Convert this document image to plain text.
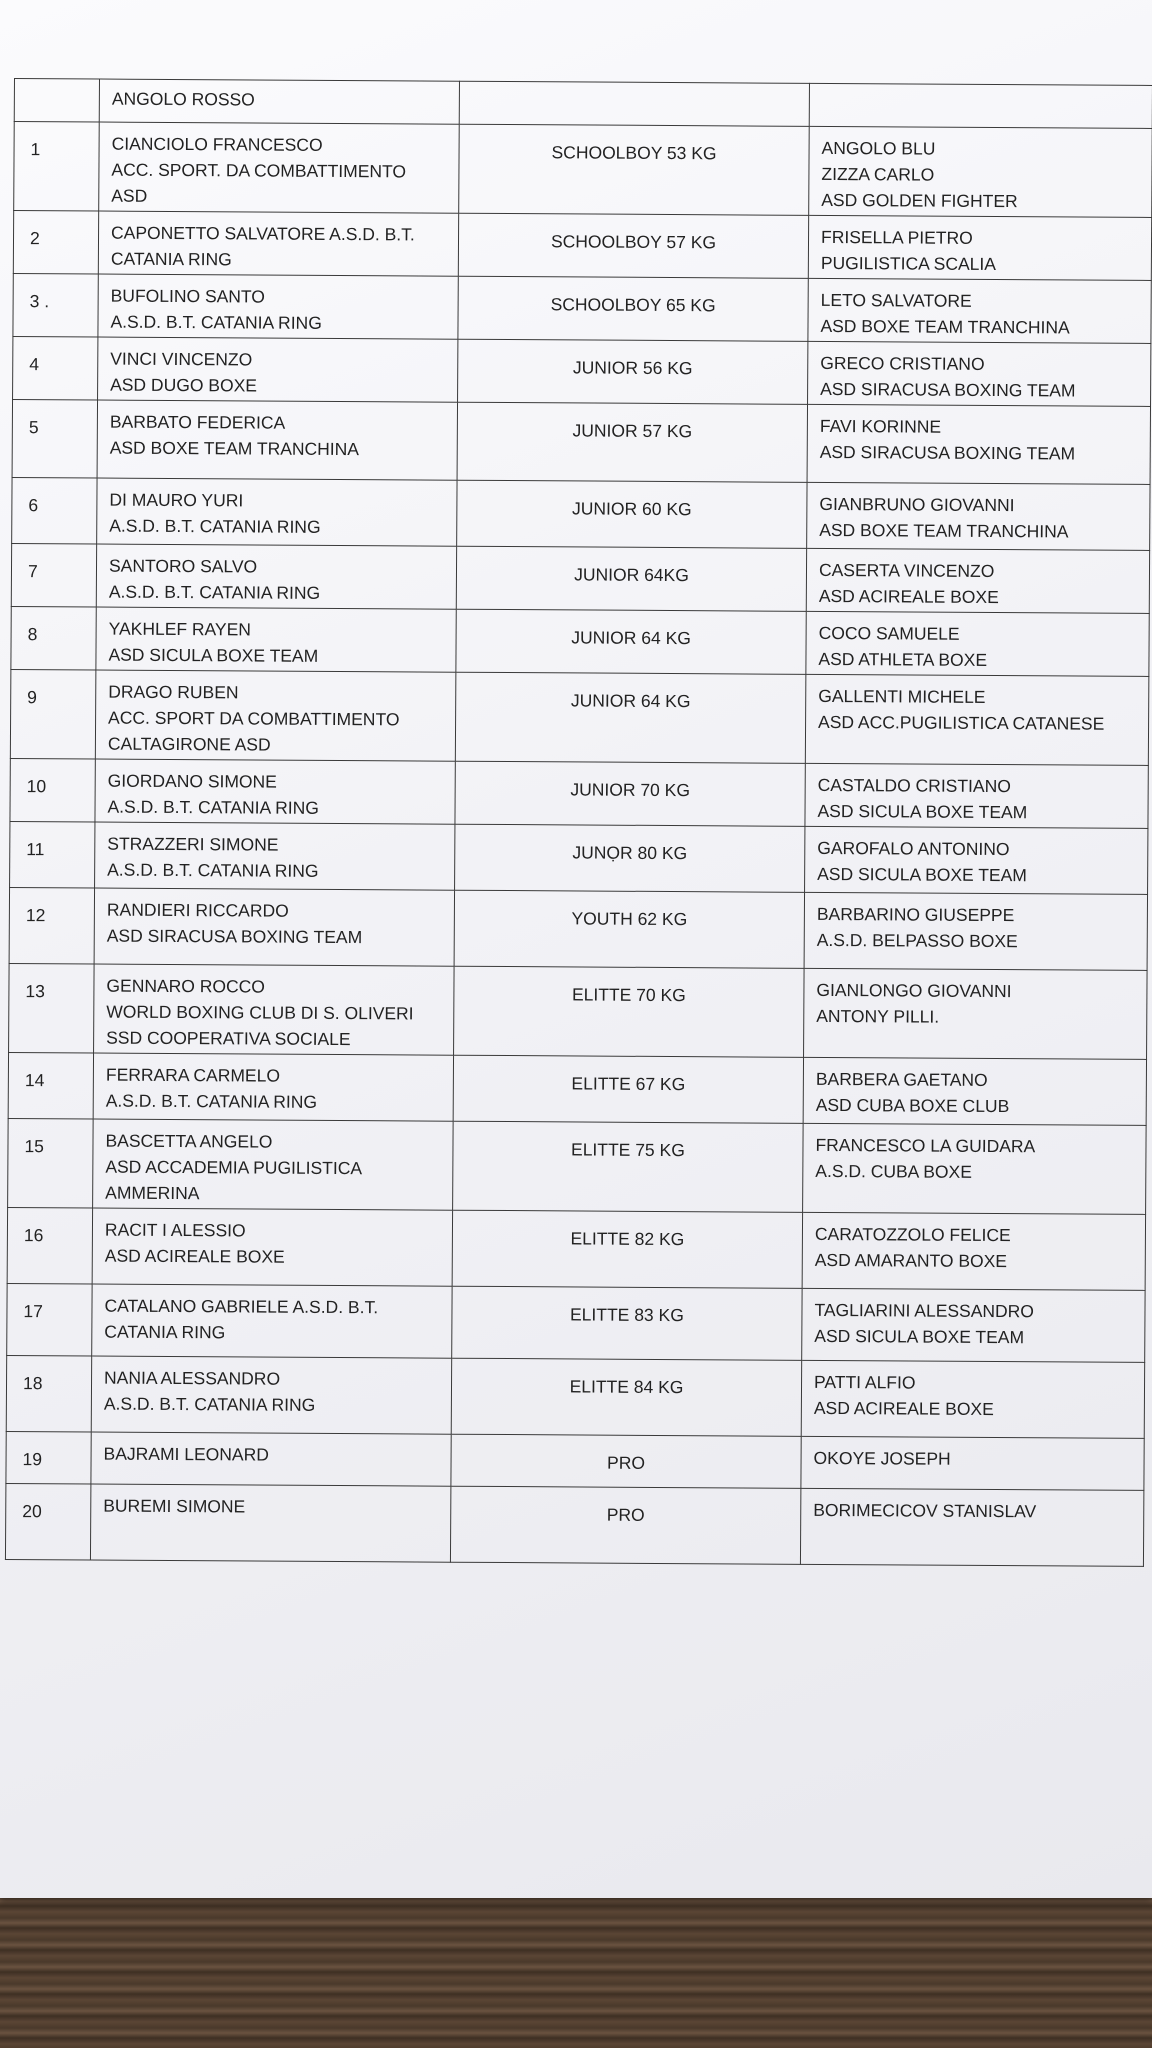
	ANGOLO ROSSO		
1	CIANCIOLO FRANCESCO
ACC. SPORT. DA COMBATTIMENTO
ASD	SCHOOLBOY 53 KG	ANGOLO BLU
ZIZZA CARLO
ASD GOLDEN FIGHTER

2	CAPONETTO SALVATORE A.S.D. B.T.
CATANIA RING	SCHOOLBOY 57 KG	FRISELLA PIETRO
PUGILISTICA SCALIA

3 .	BUFOLINO SANTO
A.S.D. B.T. CATANIA RING	SCHOOLBOY 65 KG	LETO SALVATORE
ASD BOXE TEAM TRANCHINA

4	VINCI VINCENZO
ASD DUGO BOXE	JUNIOR 56 KG	GRECO CRISTIANO
ASD SIRACUSA BOXING TEAM

5	BARBATO FEDERICA
ASD BOXE TEAM TRANCHINA	JUNIOR 57 KG	FAVI KORINNE
ASD SIRACUSA BOXING TEAM

6	DI MAURO YURI
A.S.D. B.T. CATANIA RING	JUNIOR 60 KG	GIANBRUNO GIOVANNI
ASD BOXE TEAM TRANCHINA

7	SANTORO SALVO
A.S.D. B.T. CATANIA RING	JUNIOR 64KG	CASERTA VINCENZO
ASD ACIREALE BOXE

8	YAKHLEF RAYEN
ASD SICULA BOXE TEAM	JUNIOR 64 KG	COCO SAMUELE
ASD ATHLETA BOXE

9	DRAGO RUBEN
ACC. SPORT DA COMBATTIMENTO
CALTAGIRONE ASD	JUNIOR 64 KG	GALLENTI MICHELE
ASD ACC.PUGILISTICA CATANESE

10	GIORDANO SIMONE
A.S.D. B.T. CATANIA RING	JUNIOR 70 KG	CASTALDO CRISTIANO
ASD SICULA BOXE TEAM

11	STRAZZERI SIMONE
A.S.D. B.T. CATANIA RING	JUNỌR 80 KG	GAROFALO ANTONINO
ASD SICULA BOXE TEAM

12	RANDIERI RICCARDO
ASD SIRACUSA BOXING TEAM	YOUTH 62 KG	BARBARINO GIUSEPPE
A.S.D. BELPASSO BOXE

13	GENNARO ROCCO
WORLD BOXING CLUB DI S. OLIVERI
SSD COOPERATIVA SOCIALE	ELITTE 70 KG	GIANLONGO GIOVANNI
ANTONY PILLI.

14	FERRARA CARMELO
A.S.D. B.T. CATANIA RING	ELITTE 67 KG	BARBERA GAETANO
ASD CUBA BOXE CLUB

15	BASCETTA ANGELO
ASD ACCADEMIA PUGILISTICA
AMMERINA	ELITTE 75 KG	FRANCESCO LA GUIDARA
A.S.D. CUBA BOXE

16	RACIT I ALESSIO
ASD ACIREALE BOXE	ELITTE 82 KG	CARATOZZOLO FELICE
ASD AMARANTO BOXE

17	CATALANO GABRIELE A.S.D. B.T.
CATANIA RING	ELITTE 83 KG	TAGLIARINI ALESSANDRO
ASD SICULA BOXE TEAM

18	NANIA ALESSANDRO
A.S.D. B.T. CATANIA RING	ELITTE 84 KG	PATTI ALFIO
ASD ACIREALE BOXE

19	BAJRAMI LEONARD	PRO	OKOYE JOSEPH

20	BUREMI SIMONE	PRO	BORIMECICOV STANISLAV
